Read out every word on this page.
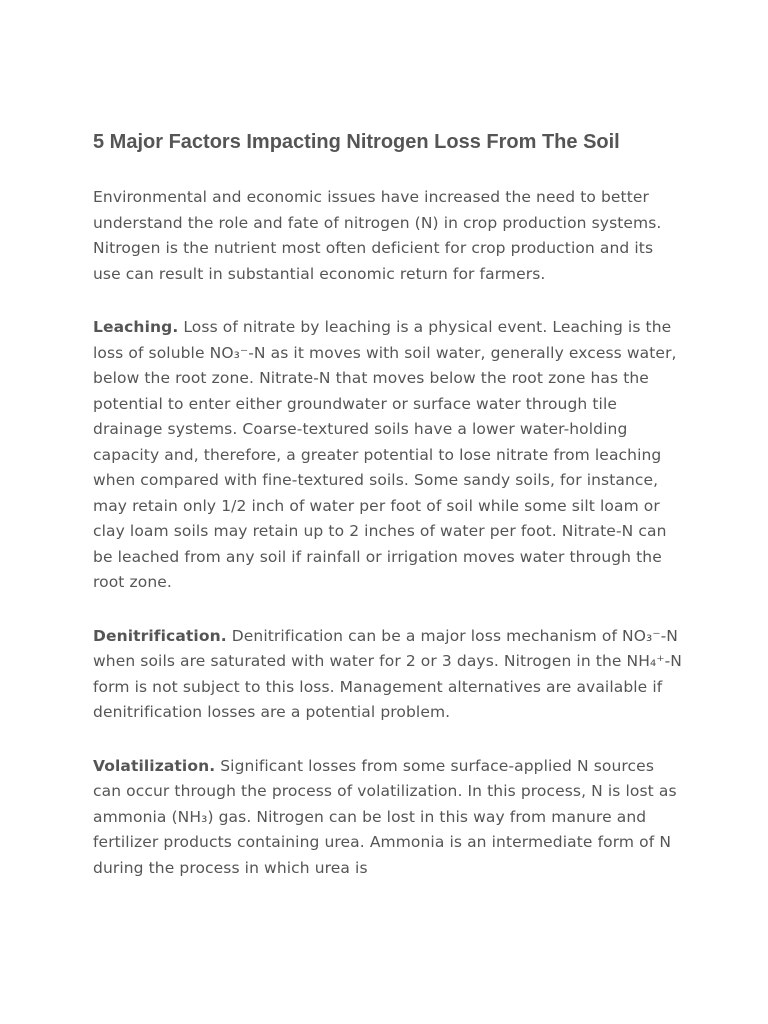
5 Major Factors Impacting Nitrogen Loss From The Soil

Environmental and economic issues have increased the need to better understand the role and fate of nitrogen (N) in crop production systems. Nitrogen is the nutrient most often deficient for crop production and its use can result in substantial economic return for farmers.

Leaching. Loss of nitrate by leaching is a physical event. Leaching is the loss of soluble NO₃⁻-N as it moves with soil water, generally excess water, below the root zone. Nitrate-N that moves below the root zone has the potential to enter either groundwater or surface water through tile drainage systems. Coarse-textured soils have a lower water-holding capacity and, therefore, a greater potential to lose nitrate from leaching when compared with fine-textured soils. Some sandy soils, for instance, may retain only 1/2 inch of water per foot of soil while some silt loam or clay loam soils may retain up to 2 inches of water per foot. Nitrate-N can be leached from any soil if rainfall or irrigation moves water through the root zone.

Denitrification. Denitrification can be a major loss mechanism of NO₃⁻-N when soils are saturated with water for 2 or 3 days. Nitrogen in the NH₄⁺-N form is not subject to this loss. Management alternatives are available if denitrification losses are a potential problem.

Volatilization. Significant losses from some surface-applied N sources can occur through the process of volatilization. In this process, N is lost as ammonia (NH₃) gas. Nitrogen can be lost in this way from manure and fertilizer products containing urea. Ammonia is an intermediate form of N during the process in which urea is
